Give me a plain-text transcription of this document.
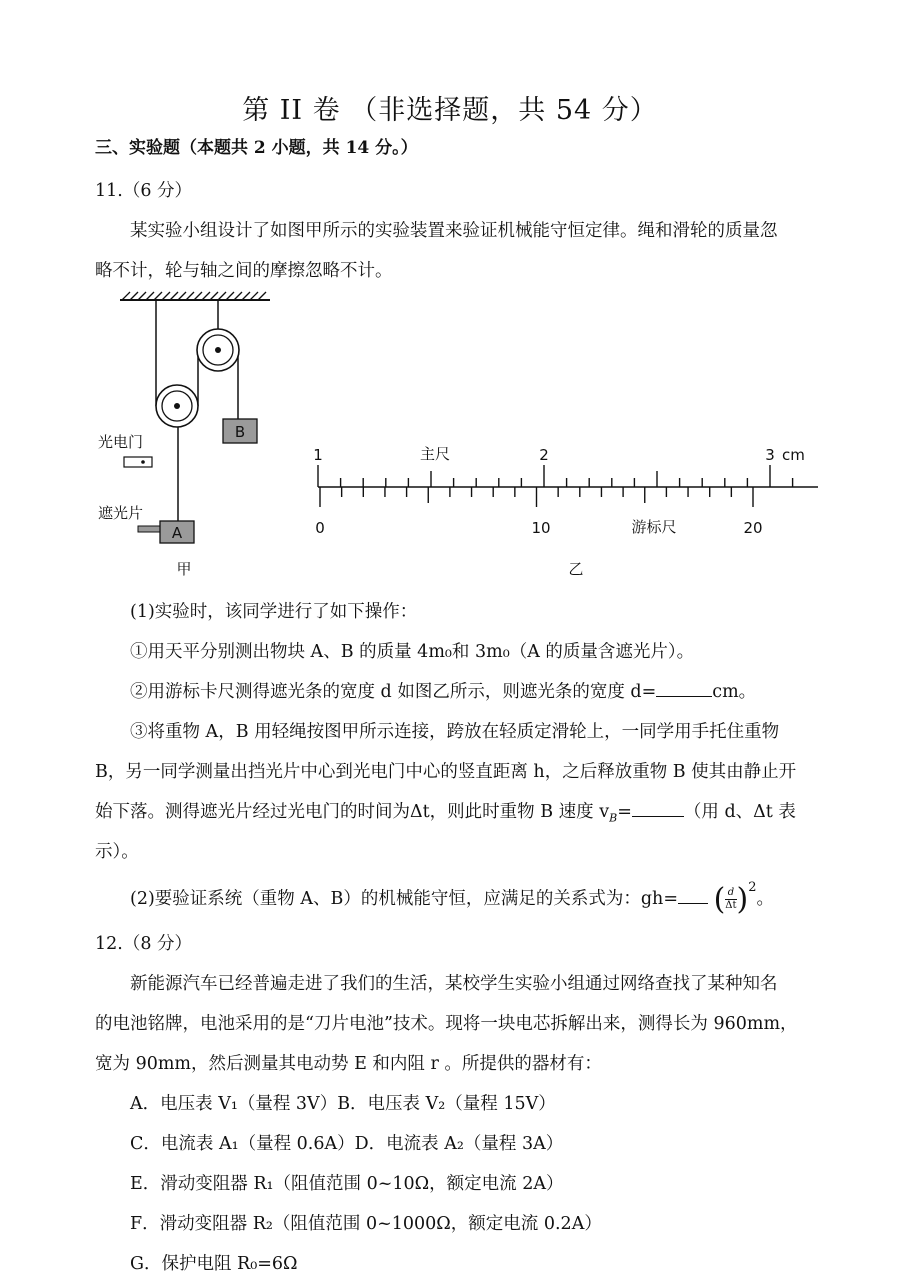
第 II 卷 （非选择题，共 54 分）
三、实验题（本题共 2 小题，共 14 分。）
11.（6 分）
某实验小组设计了如图甲所示的实验装置来验证机械能守恒定律。绳和滑轮的质量忽
略不计，轮与轴之间的摩擦忽略不计。
B
光电门
遮光片
A
甲
1	2	3 cm
主尺
0	10	20
游标尺
乙
(1)实验时，该同学进行了如下操作：
①用天平分别测出物块 A、B 的质量 4m₀和 3m₀（A 的质量含遮光片）。
②用游标卡尺测得遮光条的宽度 d 如图乙所示，则遮光条的宽度 d=	cm。
③将重物 A，B 用轻绳按图甲所示连接，跨放在轻质定滑轮上，一同学用手托住重物
B，另一同学测量出挡光片中心到光电门中心的竖直距离 h，之后释放重物 B 使其由静止开
始下落。测得遮光片经过光电门的时间为Δt，则此时重物 B 速度 $v_B=$	（用 d、Δt 表
示）。
(2)要验证系统（重物 A、B）的机械能守恒，应满足的关系式为：gh= ( $\frac{d}{\Delta t} )^2$。
12.（8 分）
新能源汽车已经普遍走进了我们的生活，某校学生实验小组通过网络查找了某种知名
的电池铭牌，电池采用的是“刀片电池”技术。现将一块电芯拆解出来，测得长为 960mm，
宽为 90mm，然后测量其电动势 E 和内阻 r 。所提供的器材有：
A．电压表 V₁（量程 3V）B．电压表 V₂（量程 15V）
C．电流表 A₁（量程 0.6A）D．电流表 A₂（量程 3A）
E．滑动变阻器 R₁（阻值范围 0~10Ω，额定电流 2A）
F．滑动变阻器 R₂（阻值范围 0~1000Ω，额定电流 0.2A）
G．保护电阻 R₀=6Ω
